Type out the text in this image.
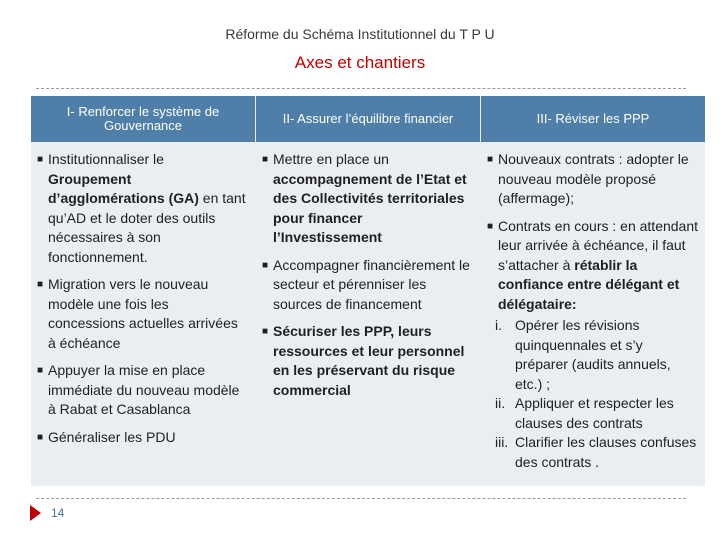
Réforme du Schéma Institutionnel du T P U
Axes et chantiers
I- Renforcer le système de Gouvernance
■ Institutionnaliser le Groupement d’agglomérations (GA) en tant qu’AD et le doter des outils nécessaires à son fonctionnement.
■ Migration vers le nouveau modèle une fois les concessions actuelles arrivées à échéance
■ Appuyer la mise en place immédiate du nouveau modèle à Rabat et Casablanca
■ Généraliser les PDU
II- Assurer l’équilibre financier
■ Mettre en place un accompagnement de l’Etat et des Collectivités territoriales pour financer l’Investissement
■ Accompagner financièrement le secteur et pérenniser les sources de financement
■ Sécuriser les PPP, leurs ressources et leur personnel en les préservant du risque commercial
III- Réviser les PPP
■ Nouveaux contrats : adopter le nouveau modèle proposé (affermage);
■ Contrats en cours : en attendant leur arrivée à échéance, il faut s’attacher à rétablir la confiance entre délégant et délégataire:
i. Opérer les révisions quinquennales et s’y préparer (audits annuels, etc.) ;
ii. Appliquer et respecter les clauses des contrats
iii. Clarifier les clauses confuses des contrats .
14
